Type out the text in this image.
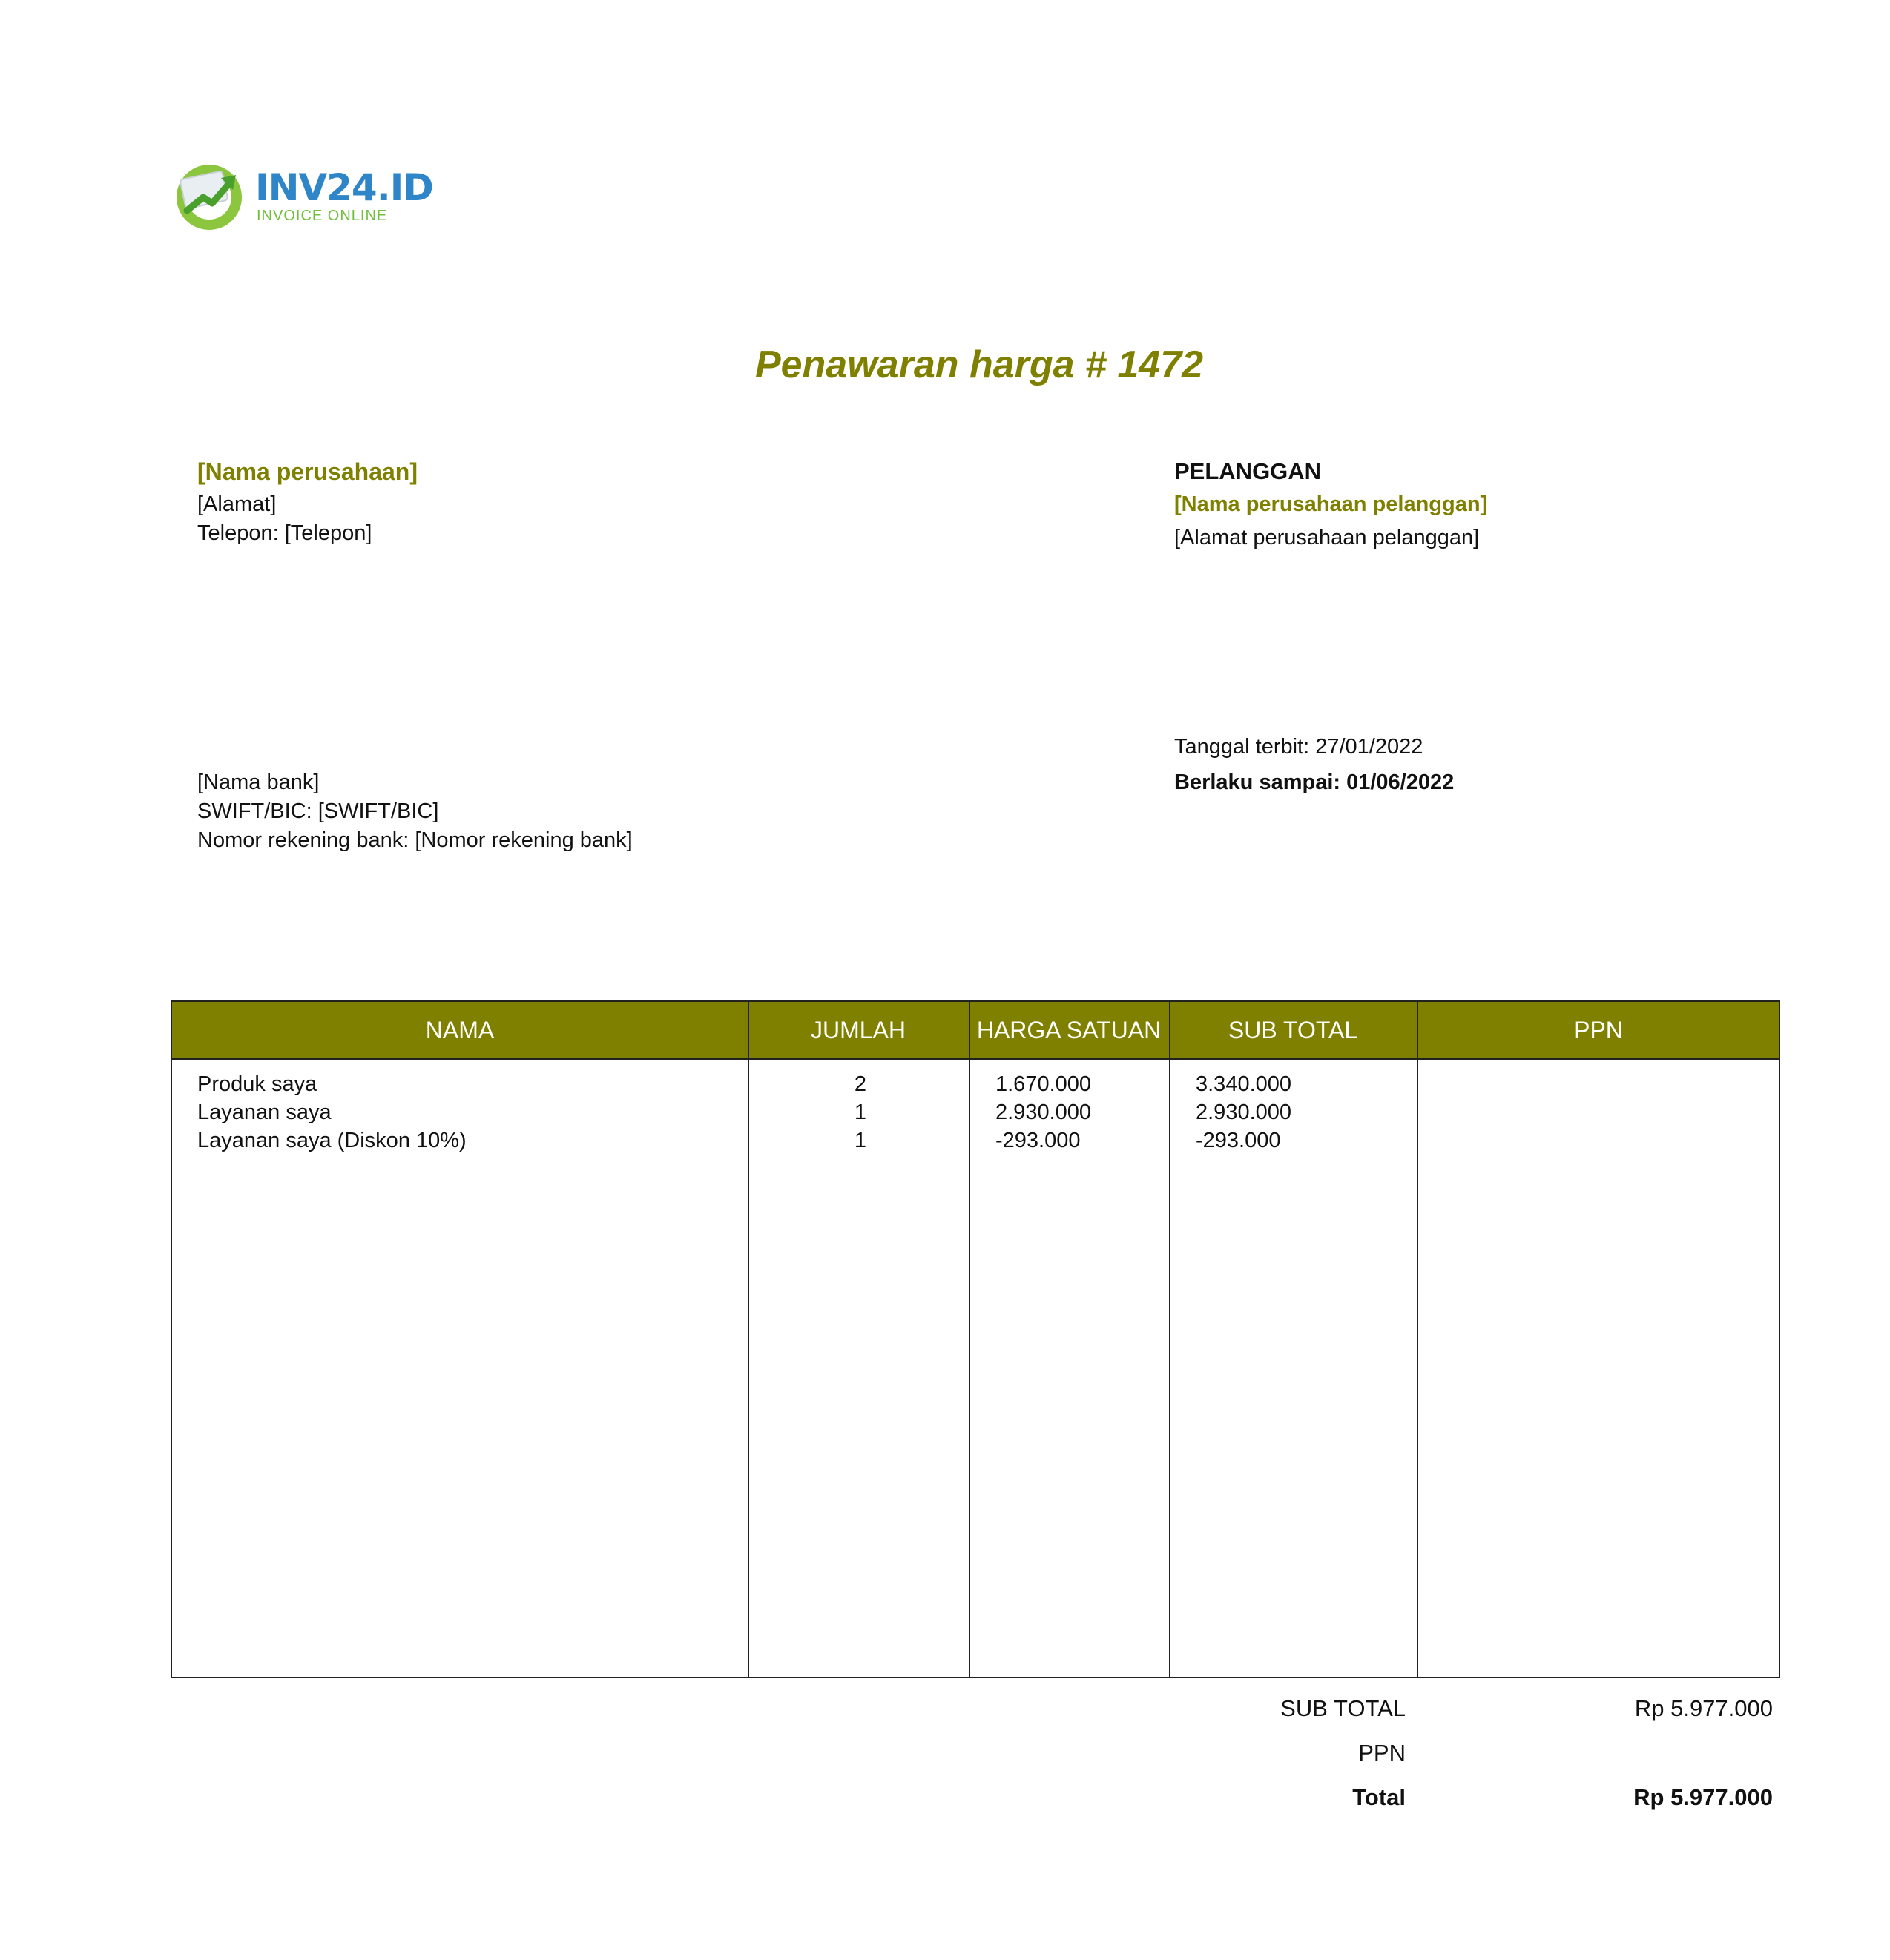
INV24.ID
INVOICE ONLINE
Penawaran harga # 1472
[Nama perusahaan]
[Alamat]
Telepon: [Telepon]
PELANGGAN
[Nama perusahaan pelanggan]
[Alamat perusahaan pelanggan]
[Nama bank]
SWIFT/BIC: [SWIFT/BIC]
Nomor rekening bank: [Nomor rekening bank]
Tanggal terbit: 27/01/2022
Berlaku sampai: 01/06/2022
NAMA	JUMLAH	HARGA SATUAN	SUB TOTAL	PPN
Produk saya	2	1.670.000	3.340.000
Layanan saya	1	2.930.000	2.930.000
Layanan saya (Diskon 10%)	1	-293.000	-293.000
SUB TOTAL	Rp 5.977.000
PPN
Total	Rp 5.977.000
